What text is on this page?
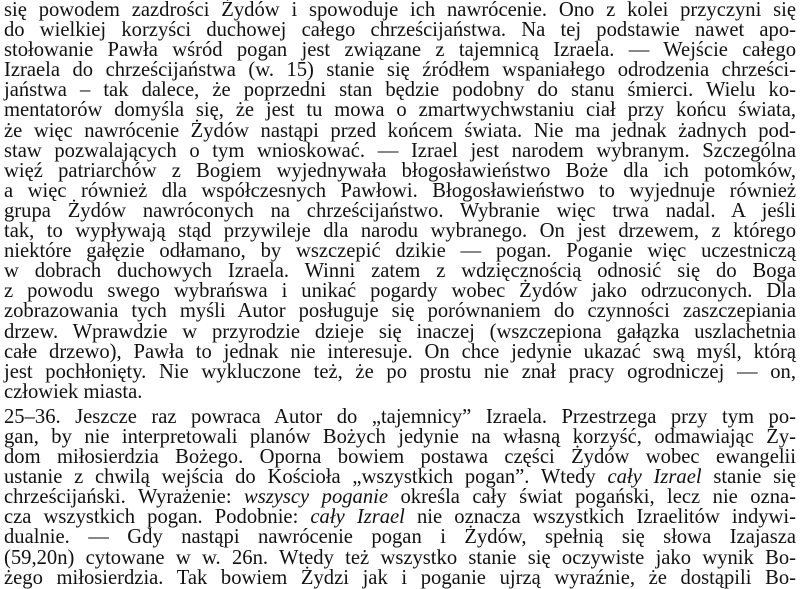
się powodem zazdrości Żydów i spowoduje ich nawrócenie. Ono z kolei przyczyni się
do wielkiej korzyści duchowej całego chrześcijaństwa. Na tej podstawie nawet apo-
stołowanie Pawła wśród pogan jest związane z tajemnicą Izraela. — Wejście całego
Izraela do chrześcijaństwa (w. 15) stanie się źródłem wspaniałego odrodzenia chrześci-
jaństwa – tak dalece, że poprzedni stan będzie podobny do stanu śmierci. Wielu ko-
mentatorów domyśla się, że jest tu mowa o zmartwychwstaniu ciał przy końcu świata,
że więc nawrócenie Żydów nastąpi przed końcem świata. Nie ma jednak żadnych pod-
staw pozwalających o tym wnioskować. — Izrael jest narodem wybranym. Szczególna
więź patriarchów z Bogiem wyjednywała błogosławieństwo Boże dla ich potomków,
a więc również dla współczesnych Pawłowi. Błogosławieństwo to wyjednuje również
grupa Żydów nawróconych na chrześcijaństwo. Wybranie więc trwa nadal. A jeśli
tak, to wypływają stąd przywileje dla narodu wybranego. On jest drzewem, z którego
niektóre gałęzie odłamano, by wszczepić dzikie — pogan. Poganie więc uczestniczą
w dobrach duchowych Izraela. Winni zatem z wdzięcznością odnosić się do Boga
z powodu swego wybrańswa i unikać pogardy wobec Żydów jako odrzuconych. Dla
zobrazowania tych myśli Autor posługuje się porównaniem do czynności zaszczepiania
drzew. Wprawdzie w przyrodzie dzieje się inaczej (wszczepiona gałązka uszlachetnia
całe drzewo), Pawła to jednak nie interesuje. On chce jedynie ukazać swą myśl, którą
jest pochłonięty. Nie wykluczone też, że po prostu nie znał pracy ogrodniczej — on,
człowiek miasta.
25–36. Jeszcze raz powraca Autor do „tajemnicy” Izraela. Przestrzega przy tym po-
gan, by nie interpretowali planów Bożych jedynie na własną korzyść, odmawiając Ży-
dom miłosierdzia Bożego. Oporna bowiem postawa części Żydów wobec ewangelii
ustanie z chwilą wejścia do Kościoła „wszystkich pogan”. Wtedy cały Izrael stanie się
chrześcijański. Wyrażenie: wszyscy poganie określa cały świat pogański, lecz nie ozna-
cza wszystkich pogan. Podobnie: cały Izrael nie oznacza wszystkich Izraelitów indywi-
dualnie. — Gdy nastąpi nawrócenie pogan i Żydów, spełnią się słowa Izajasza
(59,20n) cytowane w w. 26n. Wtedy też wszystko stanie się oczywiste jako wynik Bo-
żego miłosierdzia. Tak bowiem Żydzi jak i poganie ujrzą wyraźnie, że dostąpili Bo-
